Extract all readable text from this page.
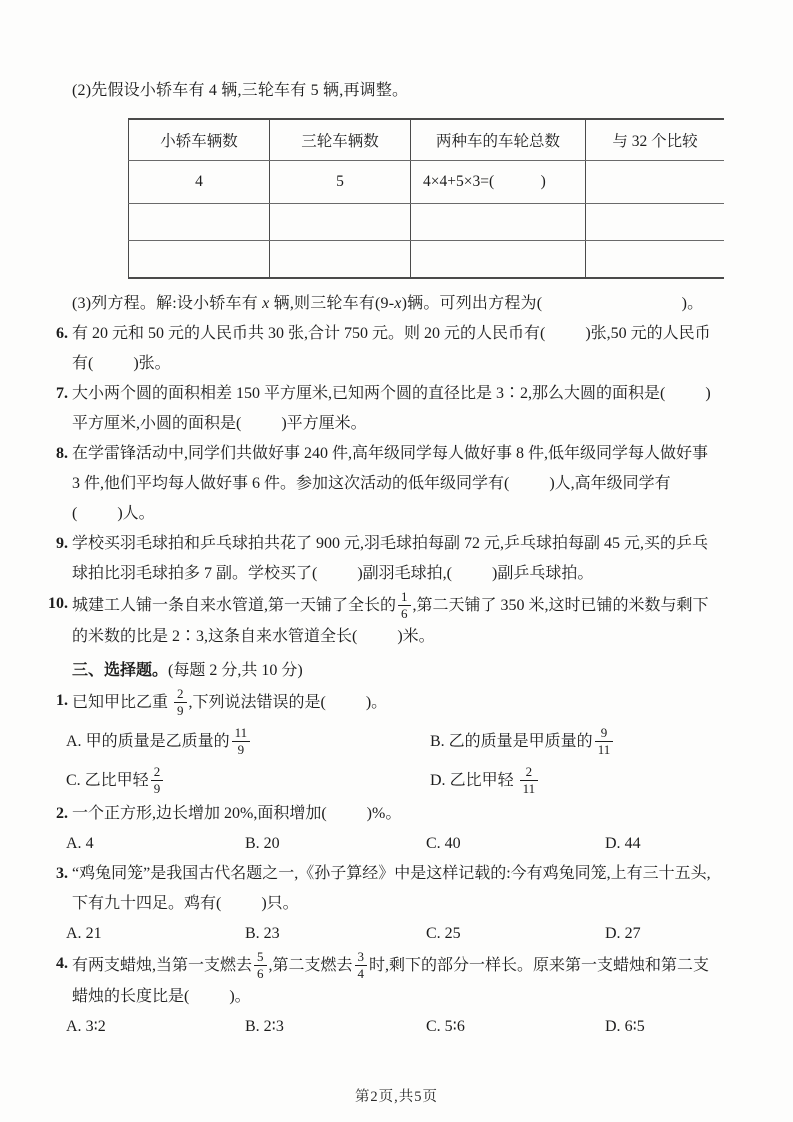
(2)先假设小轿车有 4 辆,三轮车有 5 辆,再调整。
小轿车辆数	三轮车辆数	两种车的车轮总数	与 32 个比较
4	5	4×4+5×3=(      )	

(3)列方程。解:设小轿车有 x 辆,则三轮车有(9-x)辆。可列出方程为(                 )。
6. 有 20 元和 50 元的人民币共 30 张,合计 750 元。则 20 元的人民币有(     )张,50 元的人民币
有(     )张。
7. 大小两个圆的面积相差 150 平方厘米,已知两个圆的直径比是 3∶2,那么大圆的面积是(     )
平方厘米,小圆的面积是(     )平方厘米。
8. 在学雷锋活动中,同学们共做好事 240 件,高年级同学每人做好事 8 件,低年级同学每人做好事
3 件,他们平均每人做好事 6 件。参加这次活动的低年级同学有(     )人,高年级同学有
(     )人。
9. 学校买羽毛球拍和乒乓球拍共花了 900 元,羽毛球拍每副 72 元,乒乓球拍每副 45 元,买的乒乓
球拍比羽毛球拍多 7 副。学校买了(     )副羽毛球拍,(     )副乒乓球拍。
10. 城建工人铺一条自来水管道,第一天铺了全长的 $\frac{1}{6}$ ,第二天铺了 350 米,这时已铺的米数与剩下
的米数的比是 2∶3,这条自来水管道全长(     )米。
三、选择题。(每题 2 分,共 10 分)
1. 已知甲比乙重 $\frac{2}{9}$ ,下列说法错误的是(     )。
A. 甲的质量是乙质量的 $\frac{11}{9}$	B. 乙的质量是甲质量的 $\frac{9}{11}$
C. 乙比甲轻 $\frac{2}{9}$	D. 乙比甲轻 $\frac{2}{11}$
2. 一个正方形,边长增加 20%,面积增加(     )%。
A. 4	B. 20	C. 40	D. 44
3. “鸡兔同笼”是我国古代名题之一,《孙子算经》中是这样记载的:今有鸡兔同笼,上有三十五头,
下有九十四足。鸡有(     )只。
A. 21	B. 23	C. 25	D. 27
4. 有两支蜡烛,当第一支燃去 $\frac{5}{6}$ ,第二支燃去 $\frac{3}{4}$ 时,剩下的部分一样长。原来第一支蜡烛和第二支
蜡烛的长度比是(     )。
A. 3∶2	B. 2∶3	C. 5∶6	D. 6∶5
第2页,共5页
